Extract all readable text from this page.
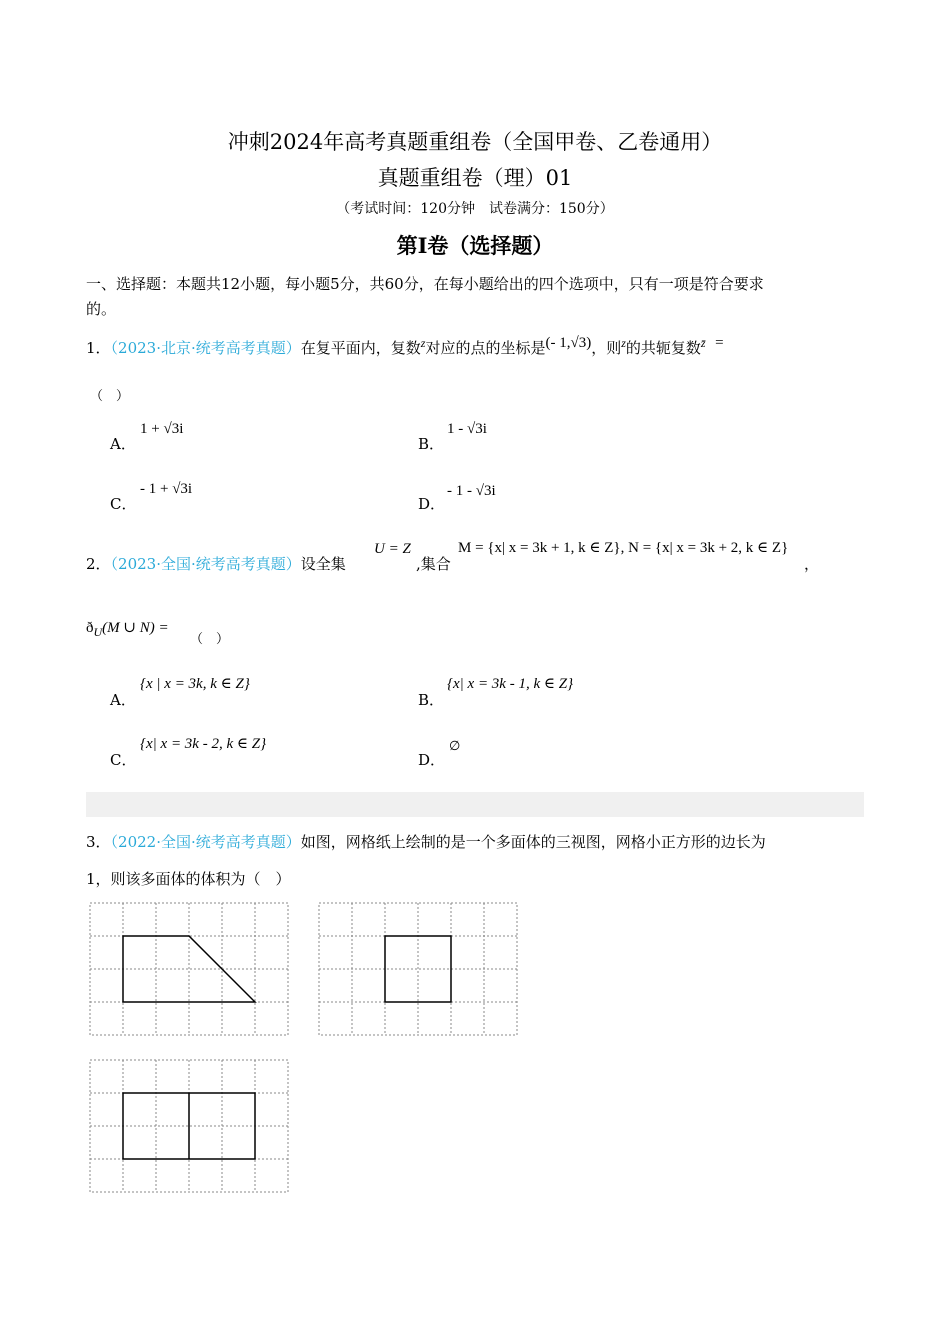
冲刺2024年高考真题重组卷（全国甲卷、乙卷通用）
真题重组卷（理）01
（考试时间：120分钟　试卷满分：150分）
第I卷（选择题）
一、选择题：本题共12小题，每小题5分，共60分，在每小题给出的四个选项中，只有一项是符合要求
的。
1．（2023·北京·统考高考真题）在复平面内，复数$^z$对应的点的坐标是$^{(- 1,√3)}$，则$^z$的共轭复数$^{z̄}$ =
（　）
A．
1 + √3i
B．
1 - √3i
C．
- 1 + √3i
D．
- 1 - √3i
2．（2023·全国·统考高考真题）设全集
U = Z
,集合
M = {x| x = 3k + 1, k ∈ Z}, N = {x| x = 3k + 2, k ∈ Z}
，
$ð_U(M$ ∪ N) =
（　）
A．
{x | x = 3k, k ∈ Z}
B．
{x| x = 3k - 1, k ∈ Z}
C．
{x| x = 3k - 2, k ∈ Z}
D．
∅
3．（2022·全国·统考高考真题）如图，网格纸上绘制的是一个多面体的三视图，网格小正方形的边长为
1，则该多面体的体积为（　）
